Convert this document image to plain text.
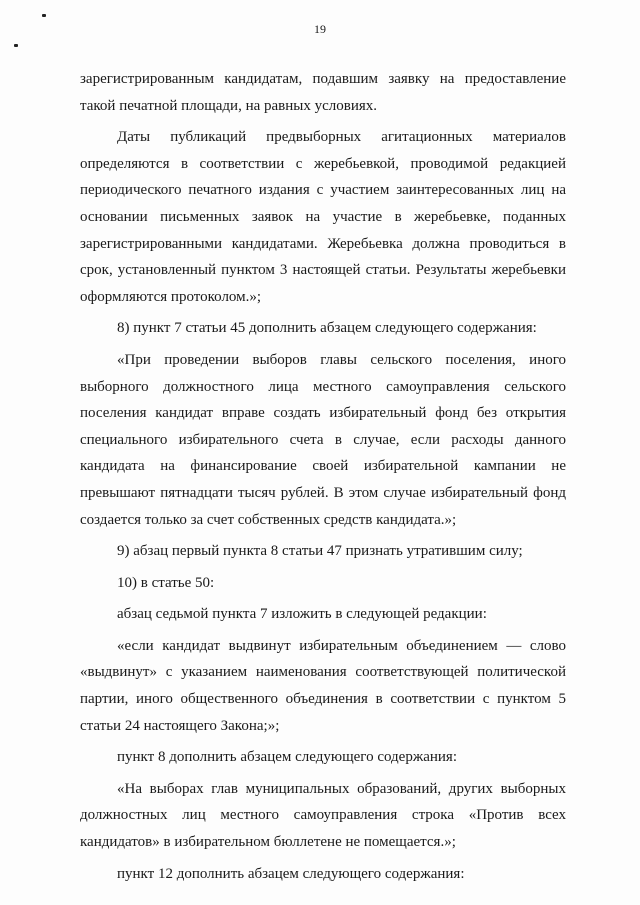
19

зарегистрированным кандидатам, подавшим заявку на предоставление такой печатной площади, на равных условиях.

Даты публикаций предвыборных агитационных материалов определяются в соответствии с жеребьевкой, проводимой редакцией периодического печатного издания с участием заинтересованных лиц на основании письменных заявок на участие в жеребьевке, поданных зарегистрированными кандидатами. Жеребьевка должна проводиться в срок, установленный пунктом 3 настоящей статьи. Результаты жеребьевки оформляются протоколом.»;

8) пункт 7 статьи 45 дополнить абзацем следующего содержания:

«При проведении выборов главы сельского поселения, иного выборного должностного лица местного самоуправления сельского поселения кандидат вправе создать избирательный фонд без открытия специального избирательного счета в случае, если расходы данного кандидата на финансирование своей избирательной кампании не превышают пятнадцати тысяч рублей. В этом случае избирательный фонд создается только за счет собственных средств кандидата.»;

9) абзац первый пункта 8 статьи 47 признать утратившим силу;

10) в статье 50:

абзац седьмой пункта 7 изложить в следующей редакции:

«если кандидат выдвинут избирательным объединением — слово «выдвинут» с указанием наименования соответствующей политической партии, иного общественного объединения в соответствии с пунктом 5 статьи 24 настоящего Закона;»;

пункт 8 дополнить абзацем следующего содержания:

«На выборах глав муниципальных образований, других выборных должностных лиц местного самоуправления строка «Против всех кандидатов» в избирательном бюллетене не помещается.»;

пункт 12 дополнить абзацем следующего содержания:
